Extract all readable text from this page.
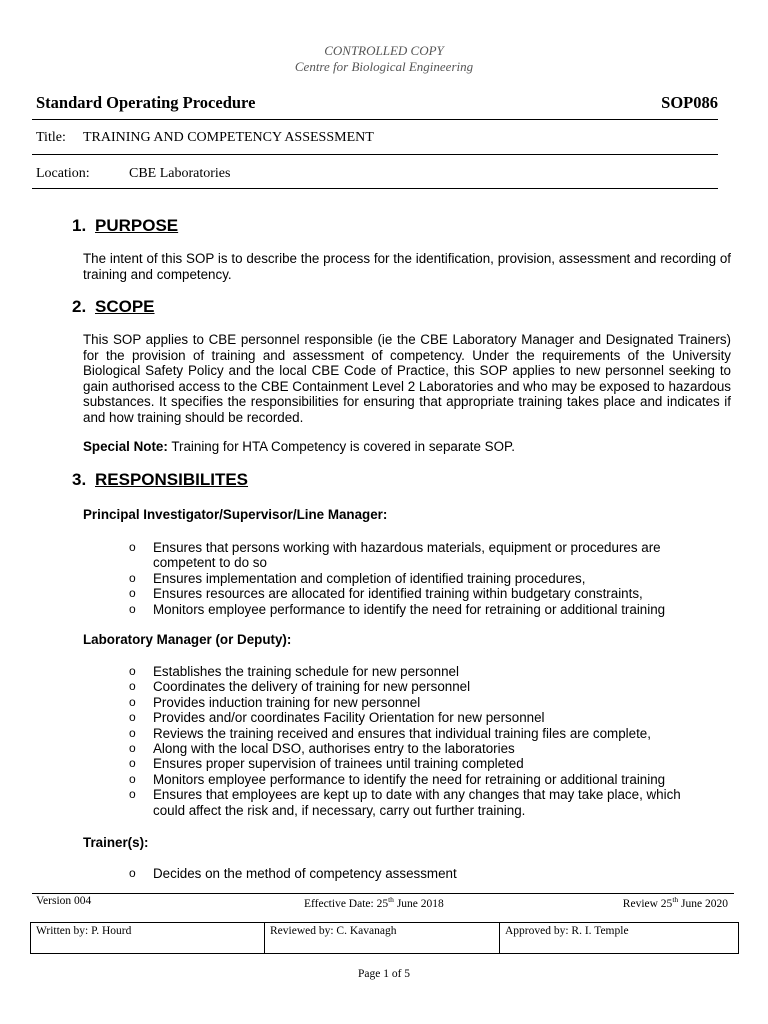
CONTROLLED COPY
Centre for Biological Engineering
Standard Operating Procedure	SOP086
Title: TRAINING AND COMPETENCY ASSESSMENT
Location:	CBE Laboratories
1. PURPOSE
The intent of this SOP is to describe the process for the identification, provision, assessment and recording of training and competency.
2. SCOPE
This SOP applies to CBE personnel responsible (ie the CBE Laboratory Manager and Designated Trainers) for the provision of training and assessment of competency. Under the requirements of the University Biological Safety Policy and the local CBE Code of Practice, this SOP applies to new personnel seeking to gain authorised access to the CBE Containment Level 2 Laboratories and who may be exposed to hazardous substances. It specifies the responsibilities for ensuring that appropriate training takes place and indicates if and how training should be recorded.
Special Note: Training for HTA Competency is covered in separate SOP.
3. RESPONSIBILITES
Principal Investigator/Supervisor/Line Manager:
o Ensures that persons working with hazardous materials, equipment or procedures are competent to do so
o Ensures implementation and completion of identified training procedures,
o Ensures resources are allocated for identified training within budgetary constraints,
o Monitors employee performance to identify the need for retraining or additional training
Laboratory Manager (or Deputy):
o Establishes the training schedule for new personnel
o Coordinates the delivery of training for new personnel
o Provides induction training for new personnel
o Provides and/or coordinates Facility Orientation for new personnel
o Reviews the training received and ensures that individual training files are complete,
o Along with the local DSO, authorises entry to the laboratories
o Ensures proper supervision of trainees until training completed
o Monitors employee performance to identify the need for retraining or additional training
o Ensures that employees are kept up to date with any changes that may take place, which could affect the risk and, if necessary, carry out further training.
Trainer(s):
o Decides on the method of competency assessment
Version 004	Effective Date: 25th June 2018	Review 25th June 2020
Written by: P. Hourd	Reviewed by: C. Kavanagh	Approved by: R. I. Temple
Page 1 of 5
